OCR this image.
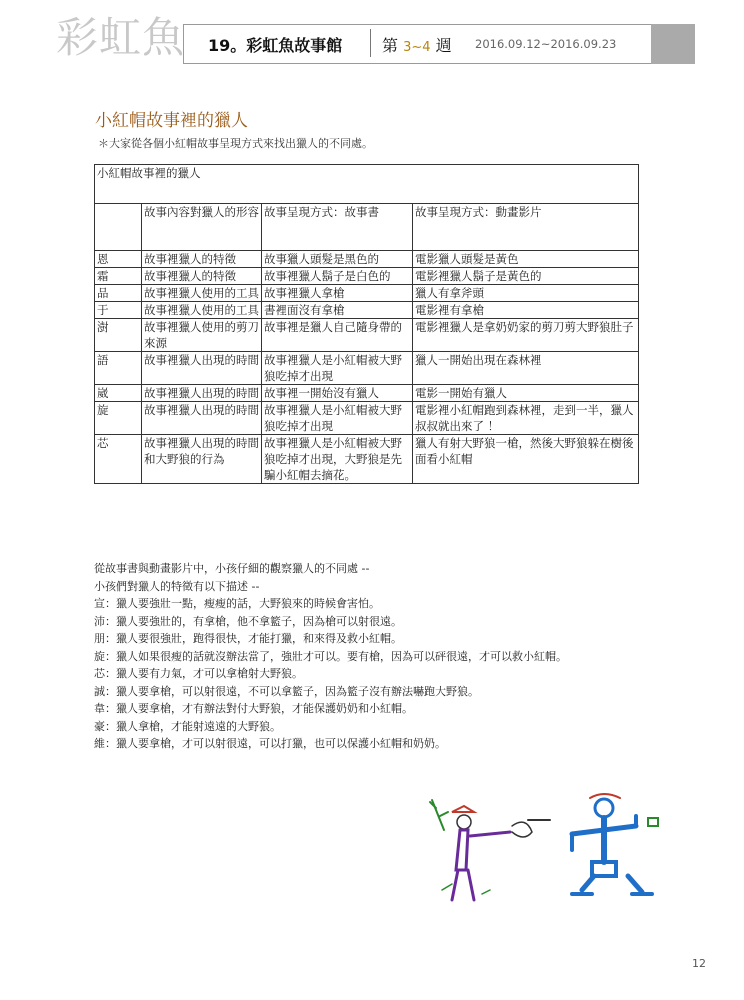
彩虹魚 19。彩虹魚故事館 第 3~4 週 2016.09.12~2016.09.23
小紅帽故事裡的獵人
＊大家從各個小紅帽故事呈現方式來找出獵人的不同處。
小紅帽故事裡的獵人			
	故事內容對獵人的形容	故事呈現方式：故事書	故事呈現方式：動畫影片
恩	故事裡獵人的特徵	故事獵人頭髮是黑色的	電影獵人頭髮是黃色
霜	故事裡獵人的特徵	故事裡獵人鬍子是白色的	電影裡獵人鬍子是黃色的
品	故事裡獵人使用的工具	故事裡獵人拿槍	獵人有拿斧頭
于	故事裡獵人使用的工具	書裡面沒有拿槍	電影裡有拿槍
澍	故事裡獵人使用的剪刀來源	故事裡是獵人自己隨身帶的	電影裡獵人是拿奶奶家的剪刀剪大野狼肚子
語	故事裡獵人出現的時間	故事裡獵人是小紅帽被大野狼吃掉才出現	獵人一開始出現在森林裡
崴	故事裡獵人出現的時間	故事裡一開始沒有獵人	電影一開始有獵人
旋	故事裡獵人出現的時間	故事裡獵人是小紅帽被大野狼吃掉才出現	電影裡小紅帽跑到森林裡，走到一半，獵人叔叔就出來了 ！
芯	故事裡獵人出現的時間和大野狼的行為	故事裡獵人是小紅帽被大野狼吃掉才出現，大野狼是先騙小紅帽去摘花。	獵人有射大野狼一槍，然後大野狼躲在樹後面看小紅帽

從故事書與動畫影片中，小孩仔細的觀察獵人的不同處 --

小孩們對獵人的特徵有以下描述 --

宣：獵人要強壯一點，瘦瘦的話，大野狼來的時候會害怕。

沛：獵人要強壯的，有拿槍，他不拿籃子，因為槍可以射很遠。

朋：獵人要很強壯，跑得很快，才能打獵，和來得及救小紅帽。

旋：獵人如果很瘦的話就沒辦法當了，強壯才可以。要有槍，因為可以砰很遠，才可以救小紅帽。

芯：獵人要有力氣，才可以拿槍射大野狼。

誠：獵人要拿槍，可以射很遠，不可以拿籃子，因為籃子沒有辦法嚇跑大野狼。

韋：獵人要拿槍，才有辦法對付大野狼，才能保護奶奶和小紅帽。

豪：獵人拿槍，才能射遠遠的大野狼。

維：獵人要拿槍，才可以射很遠，可以打獵，也可以保護小紅帽和奶奶。

12
